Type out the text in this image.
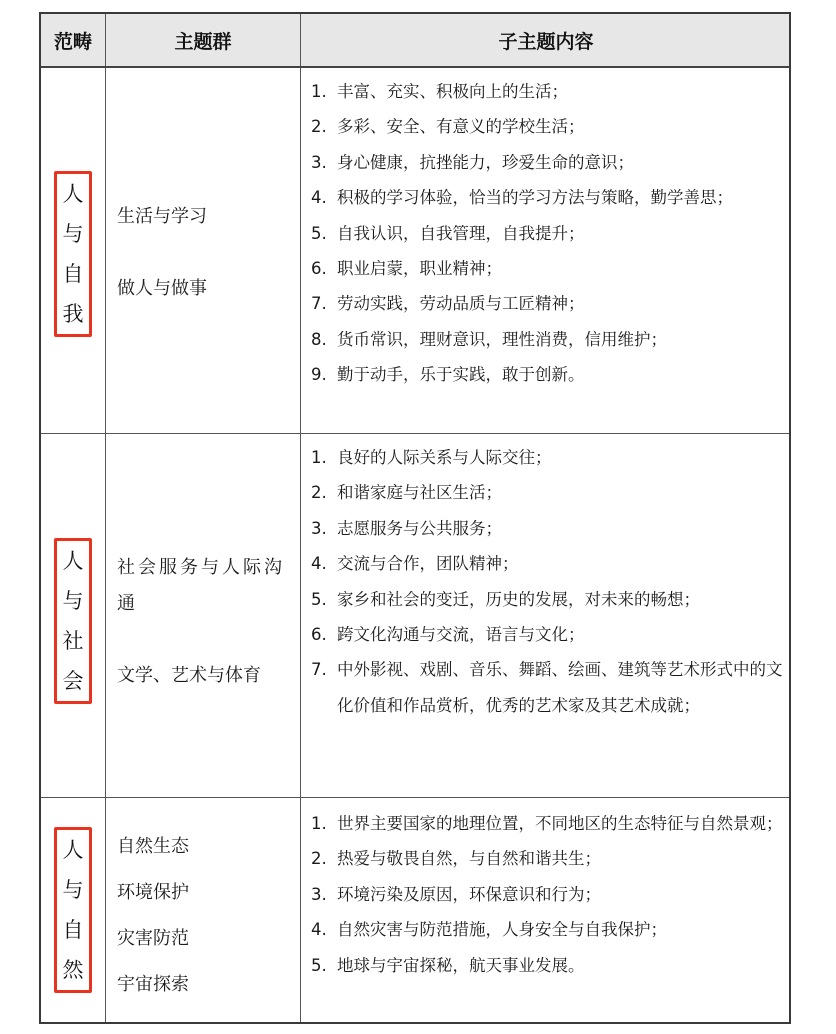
范畴	主题群	子主题内容
人
与
自
我
生活与学习
做人与做事
1. 丰富、充实、积极向上的生活；
2. 多彩、安全、有意义的学校生活；
3. 身心健康，抗挫能力，珍爱生命的意识；
4. 积极的学习体验，恰当的学习方法与策略，勤学善思；
5. 自我认识，自我管理，自我提升；
6. 职业启蒙，职业精神；
7. 劳动实践，劳动品质与工匠精神；
8. 货币常识，理财意识，理性消费，信用维护；
9. 勤于动手，乐于实践，敢于创新。
人
与
社
会
社会服务与人际沟通
文学、艺术与体育
1. 良好的人际关系与人际交往；
2. 和谐家庭与社区生活；
3. 志愿服务与公共服务；
4. 交流与合作，团队精神；
5. 家乡和社会的变迁，历史的发展，对未来的畅想；
6. 跨文化沟通与交流，语言与文化；
7. 中外影视、戏剧、音乐、舞蹈、绘画、建筑等艺术形式中的文化价值和作品赏析，优秀的艺术家及其艺术成就；
人
与
自
然
自然生态
环境保护
灾害防范
宇宙探索
1. 世界主要国家的地理位置，不同地区的生态特征与自然景观；
2. 热爱与敬畏自然，与自然和谐共生；
3. 环境污染及原因，环保意识和行为；
4. 自然灾害与防范措施，人身安全与自我保护；
5. 地球与宇宙探秘，航天事业发展。
